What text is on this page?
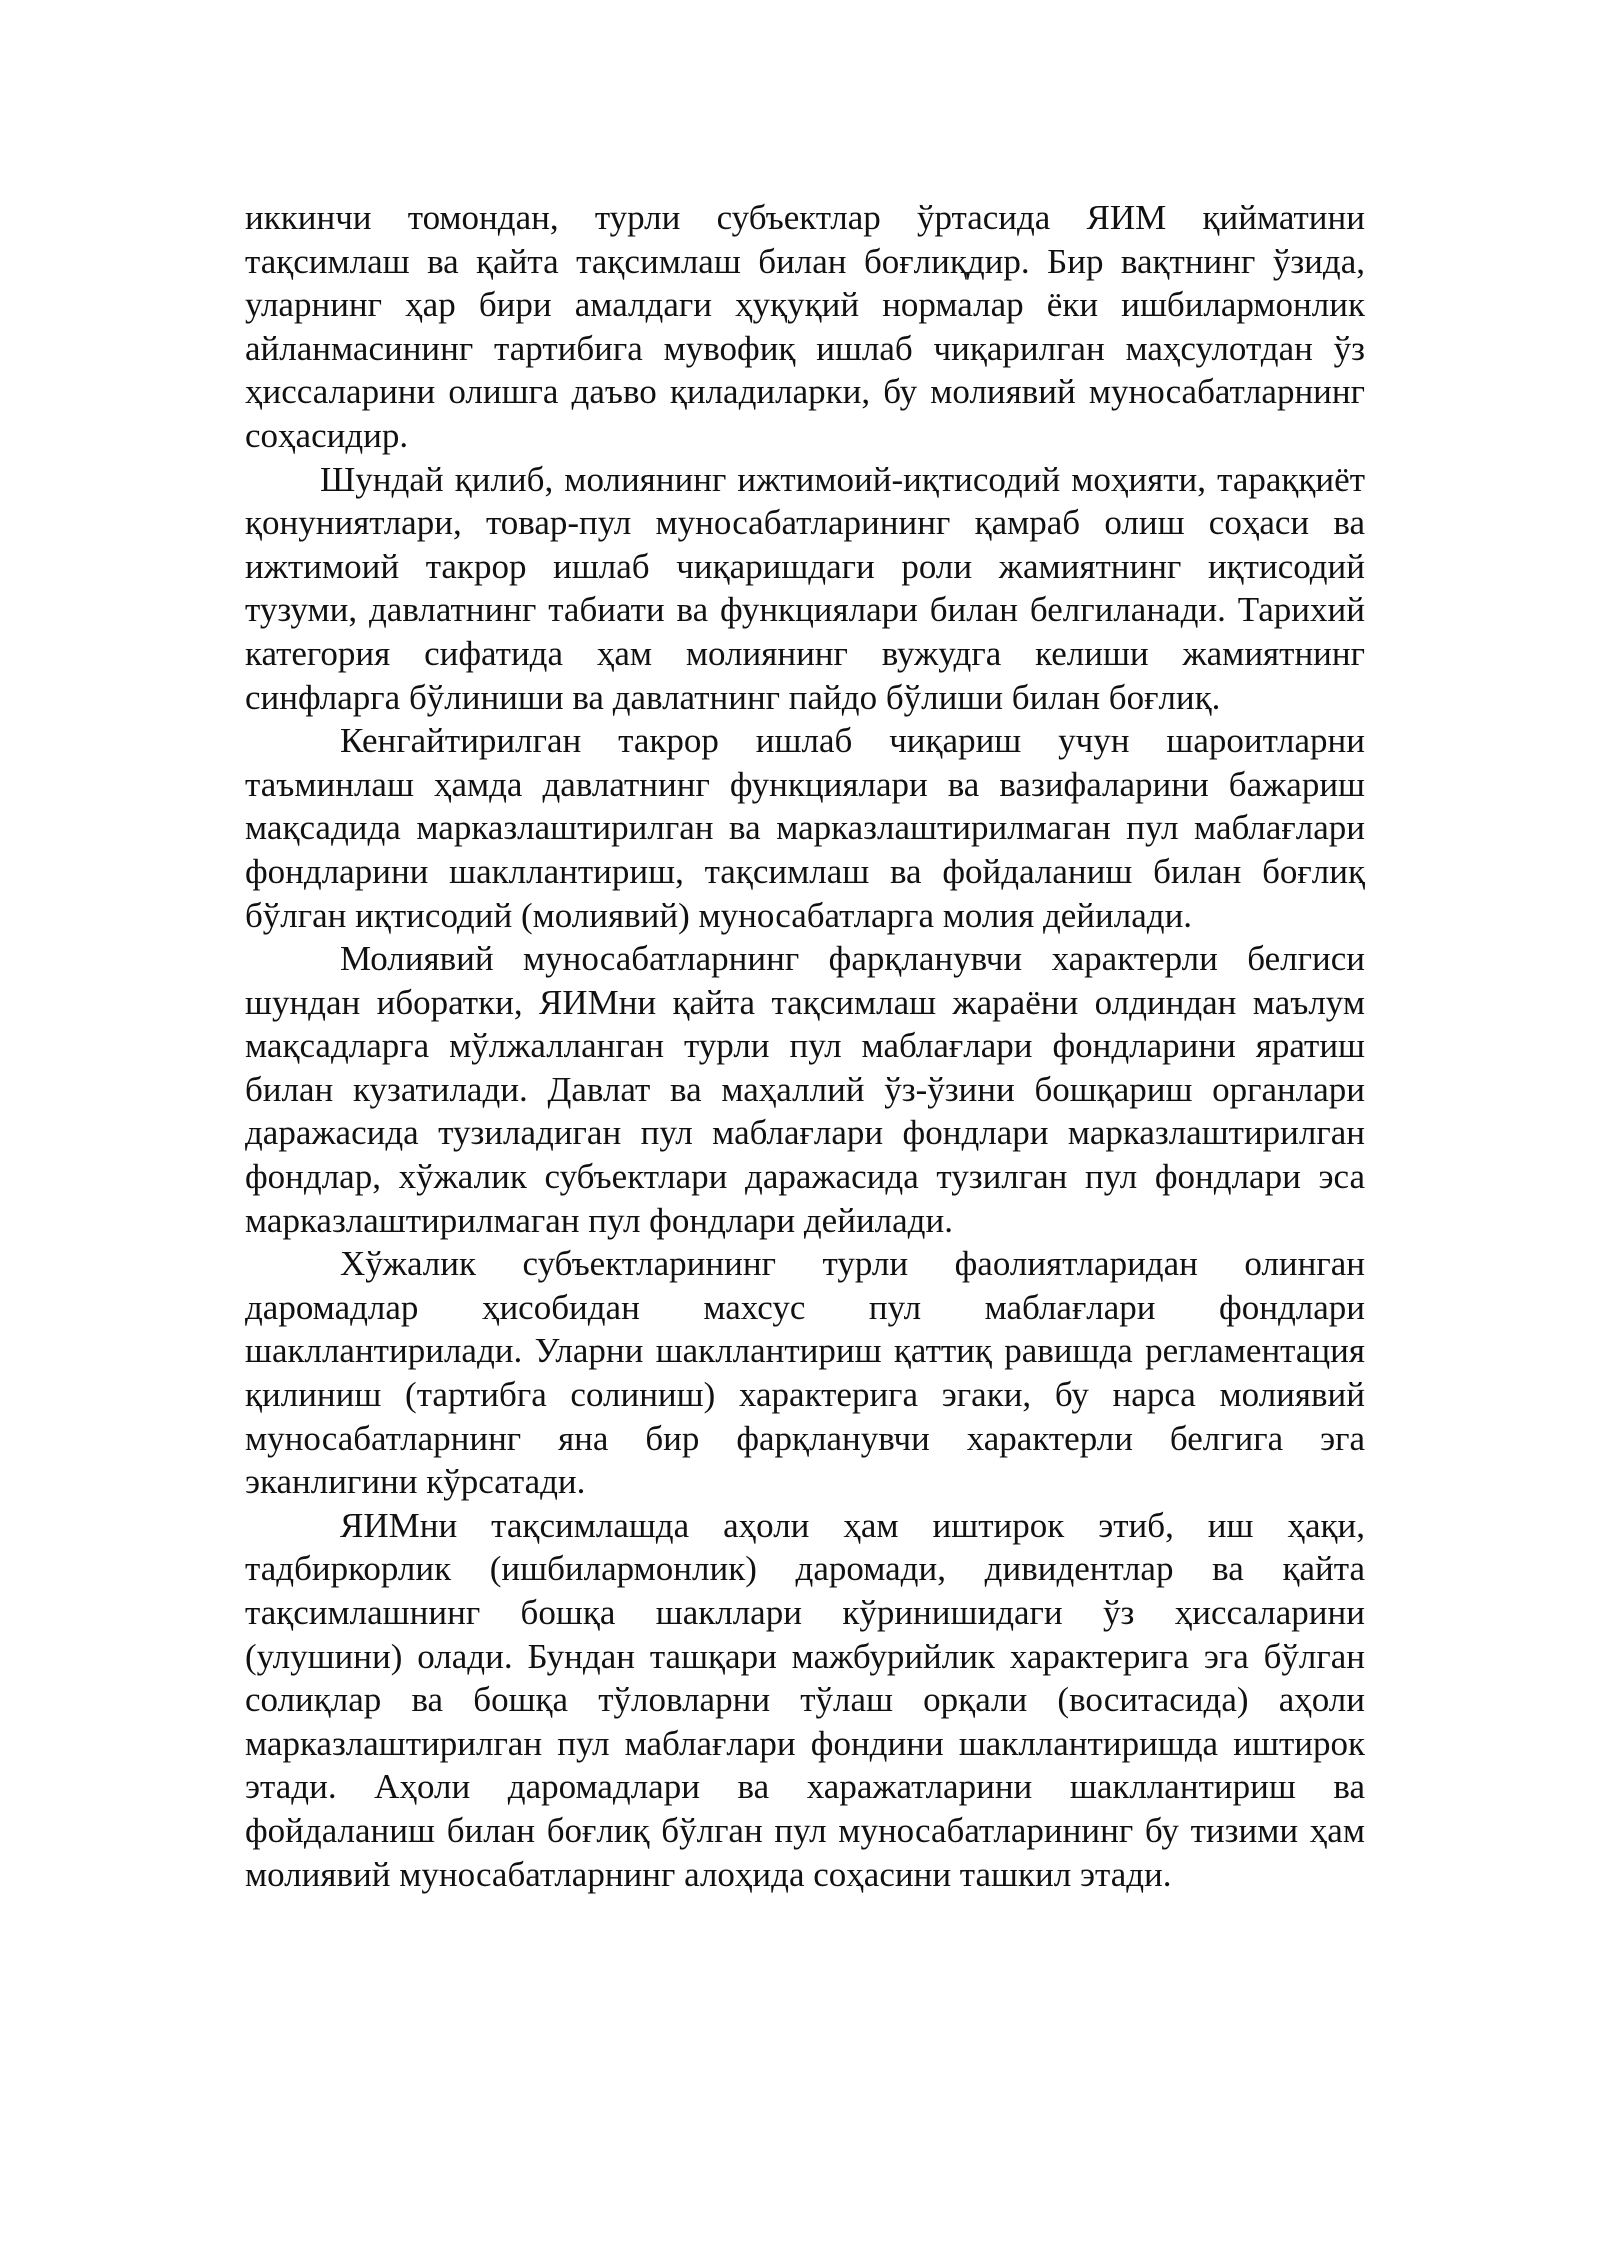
иккинчи томондан, турли субъектлар ўртасида ЯИМ қийматини тақсимлаш ва қайта тақсимлаш билан боғлиқдир. Бир вақтнинг ўзида, уларнинг ҳар бири амалдаги ҳуқуқий нормалар ёки ишбилармонлик айланмасининг тартибига мувофиқ ишлаб чиқарилган маҳсулотдан ўз ҳиссаларини олишга даъво қиладиларки, бу молиявий муносабатларнинг соҳасидир.

Шундай қилиб, молиянинг ижтимоий-иқтисодий моҳияти, тараққиёт қонуниятлари, товар-пул муносабатларининг қамраб олиш соҳаси ва ижтимоий такрор ишлаб чиқаришдаги роли жамиятнинг иқтисодий тузуми, давлатнинг табиати ва функциялари билан белгиланади. Тарихий категория сифатида ҳам молиянинг вужудга келиши жамиятнинг синфларга бўлиниши ва давлатнинг пайдо бўлиши билан боғлиқ.

Кенгайтирилган такрор ишлаб чиқариш учун шароитларни таъминлаш ҳамда давлатнинг функциялари ва вазифаларини бажариш мақсадида марказлаштирилган ва марказлаштирилмаган пул маблағлари фондларини шакллантириш, тақсимлаш ва фойдаланиш билан боғлиқ бўлган иқтисодий (молиявий) муносабатларга молия дейилади.

Молиявий муносабатларнинг фарқланувчи характерли белгиси шундан иборатки, ЯИМни қайта тақсимлаш жараёни олдиндан маълум мақсадларга мўлжалланган турли пул маблағлари фондларини яратиш билан кузатилади. Давлат ва маҳаллий ўз-ўзини бошқариш органлари даражасида тузиладиган пул маблағлари фондлари марказлаштирилган фондлар, хўжалик субъектлари даражасида тузилган пул фондлари эса марказлаштирилмаган пул фондлари дейилади.

Хўжалик субъектларининг турли фаолиятларидан олинган даромадлар ҳисобидан махсус пул маблағлари фондлари шакллантирилади. Уларни шакллантириш қаттиқ равишда регламентация қилиниш (тартибга солиниш) характерига эгаки, бу нарса молиявий муносабатларнинг яна бир фарқланувчи характерли белгига эга эканлигини кўрсатади.

ЯИМни тақсимлашда аҳоли ҳам иштирок этиб, иш ҳақи, тадбиркорлик (ишбилармонлик) даромади, дивидентлар ва қайта тақсимлашнинг бошқа шакллари кўринишидаги ўз ҳиссаларини (улушини) олади. Бундан ташқари мажбурийлик характерига эга бўлган солиқлар ва бошқа тўловларни тўлаш орқали (воситасида) аҳоли марказлаштирилган пул маблағлари фондини шакллантиришда иштирок этади. Аҳоли даромадлари ва харажатларини шакллантириш ва фойдаланиш билан боғлиқ бўлган пул муносабатларининг бу тизими ҳам молиявий муносабатларнинг алоҳида соҳасини ташкил этади.
